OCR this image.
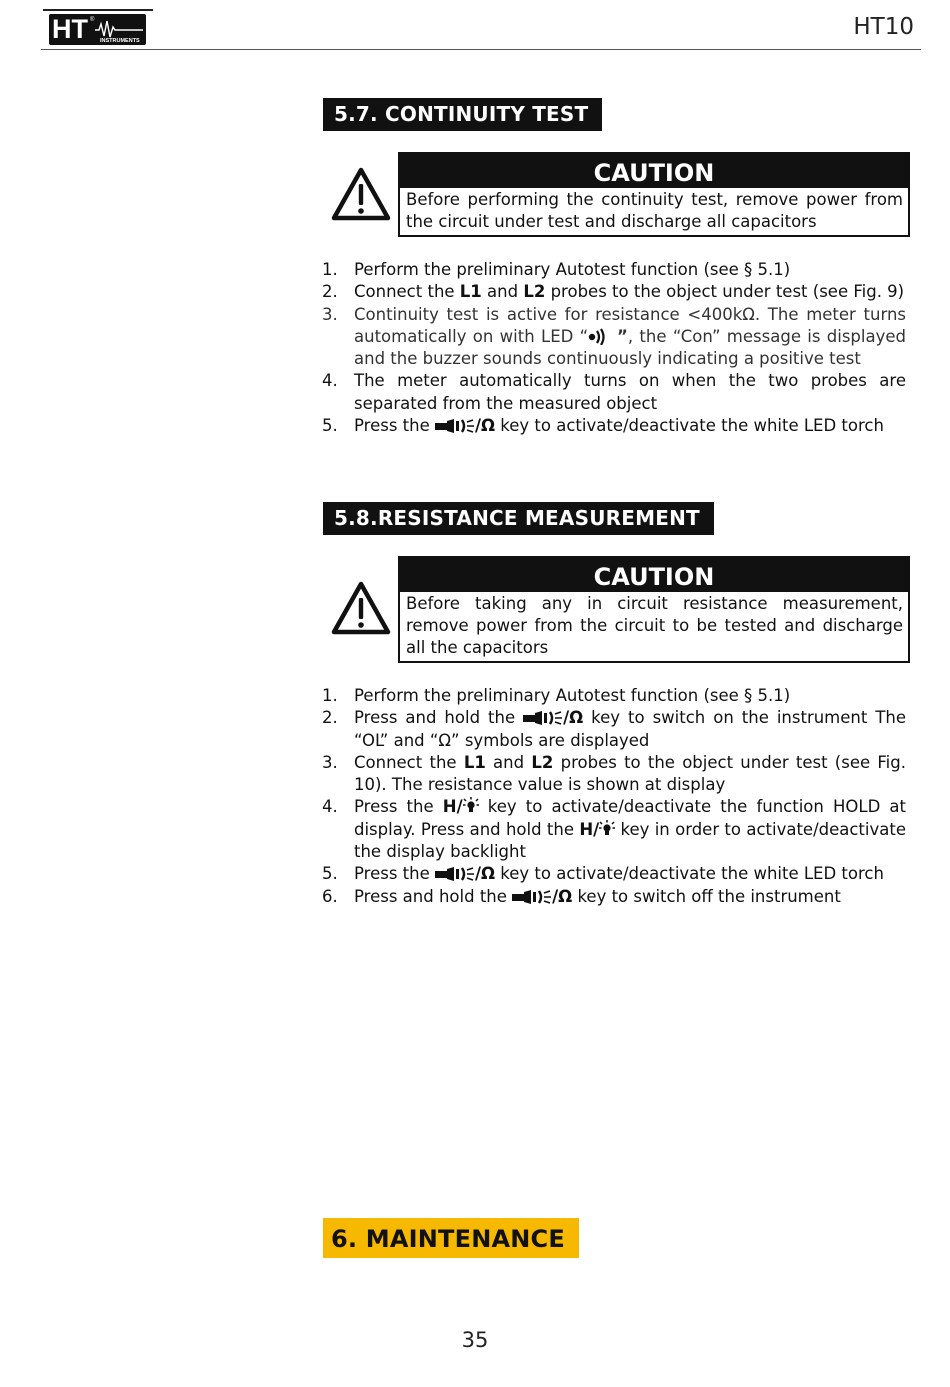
HT INSTRUMENTS
®	HT10
5.7. CONTINUITY TEST
CAUTION
Before performing the continuity test, remove power from the circuit under test and discharge all capacitors
1. Perform the preliminary Autotest function (see § 5.1)
2. Connect the L1 and L2 probes to the object under test (see Fig. 9)
3. Continuity test is active for resistance <400kΩ. The meter turns automatically on with LED “ ”, the “Con” message is displayed and the buzzer sounds continuously indicating a positive test
4. The meter automatically turns on when the two probes are separated from the measured object
5. Press the /Ω key to activate/deactivate the white LED torch
5.8.RESISTANCE MEASUREMENT
CAUTION
Before taking any in circuit resistance measurement, remove power from the circuit to be tested and discharge all the capacitors
1. Perform the preliminary Autotest function (see § 5.1)
2. Press and hold the /Ω key to switch on the instrument The “OL” and “Ω” symbols are displayed
3. Connect the L1 and L2 probes to the object under test (see Fig. 10). The resistance value is shown at display
4. Press the H/ key to activate/deactivate the function HOLD at display. Press and hold the H/ key in order to activate/deactivate the display backlight
5. Press the /Ω key to activate/deactivate the white LED torch
6. Press and hold the /Ω key to switch off the instrument
6. MAINTENANCE
35
